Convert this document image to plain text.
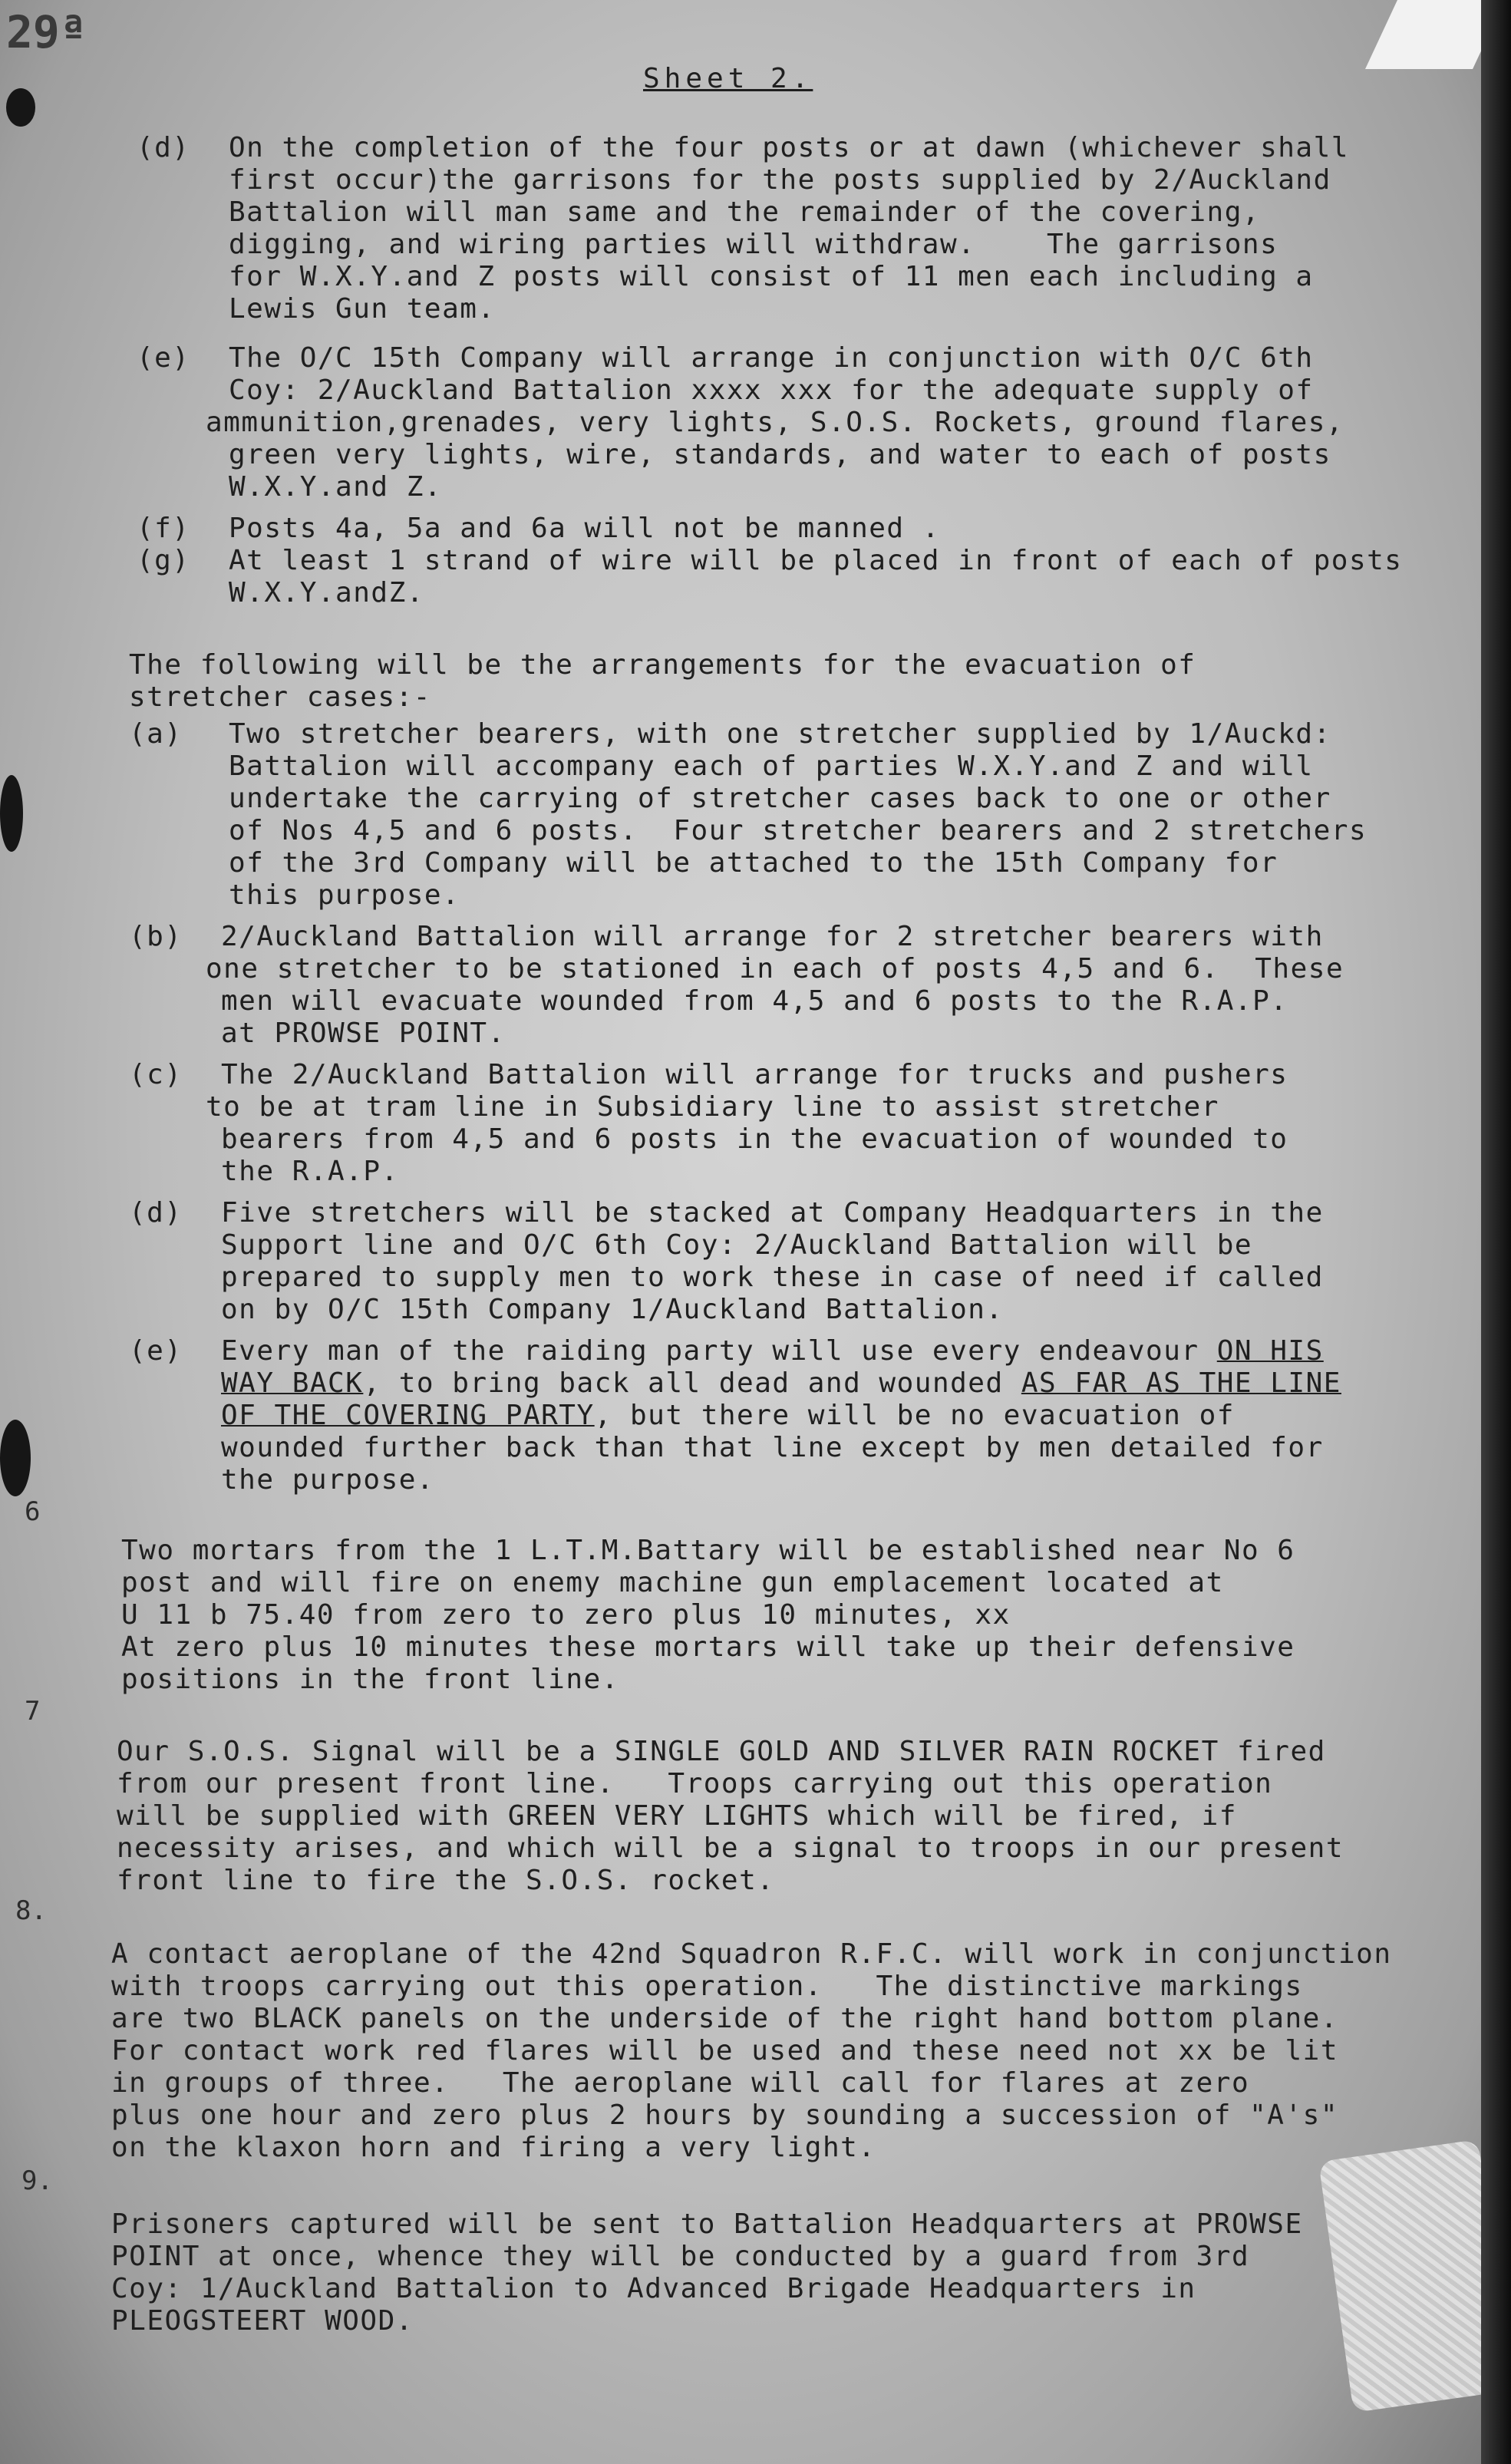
29ª
Sheet 2.
(d) On the completion of the four posts or at dawn (whichever shall
first occur)the garrisons for the posts supplied by 2/Auckland
Battalion will man same and the remainder of the covering,
digging, and wiring parties will withdraw.    The garrisons
for W.X.Y.and Z posts will consist of 11 men each including a
Lewis Gun team.
(e) The O/C 15th Company will arrange in conjunction with O/C 6th
Coy: 2/Auckland Battalion xxxx xxx for the adequate supply of
ammunition,grenades, very lights, S.O.S. Rockets, ground flares,
green very lights, wire, standards, and water to each of posts
W.X.Y.and Z.
(f) Posts 4a, 5a and 6a will not be manned .
(g) At least 1 strand of wire will be placed in front of each of posts
W.X.Y.andZ.
The following will be the arrangements for the evacuation of
stretcher cases:-
(a) Two stretcher bearers, with one stretcher supplied by 1/Auckd:
Battalion will accompany each of parties W.X.Y.and Z and will
undertake the carrying of stretcher cases back to one or other
of Nos 4,5 and 6 posts.  Four stretcher bearers and 2 stretchers
of the 3rd Company will be attached to the 15th Company for
this purpose.
(b) 2/Auckland Battalion will arrange for 2 stretcher bearers with
one stretcher to be stationed in each of posts 4,5 and 6.  These
men will evacuate wounded from 4,5 and 6 posts to the R.A.P.
at PROWSE POINT.
(c) The 2/Auckland Battalion will arrange for trucks and pushers
to be at tram line in Subsidiary line to assist stretcher
bearers from 4,5 and 6 posts in the evacuation of wounded to
the R.A.P.
(d) Five stretchers will be stacked at Company Headquarters in the
Support line and O/C 6th Coy: 2/Auckland Battalion will be
prepared to supply men to work these in case of need if called
on by O/C 15th Company 1/Auckland Battalion.
(e) Every man of the raiding party will use every endeavour ON HIS
WAY BACK, to bring back all dead and wounded AS FAR AS THE LINE
OF THE COVERING PARTY, but there will be no evacuation of
wounded further back than that line except by men detailed for
the purpose.
6
Two mortars from the 1 L.T.M.Battary will be established near No 6
post and will fire on enemy machine gun emplacement located at
U 11 b 75.40 from zero to zero plus 10 minutes, xx
At zero plus 10 minutes these mortars will take up their defensive
positions in the front line.
7
Our S.O.S. Signal will be a SINGLE GOLD AND SILVER RAIN ROCKET fired
from our present front line.   Troops carrying out this operation
will be supplied with GREEN VERY LIGHTS which will be fired, if
necessity arises, and which will be a signal to troops in our present
front line to fire the S.O.S. rocket.
8.
A contact aeroplane of the 42nd Squadron R.F.C. will work in conjunction
with troops carrying out this operation.   The distinctive markings
are two BLACK panels on the underside of the right hand bottom plane.
For contact work red flares will be used and these need not xx be lit
in groups of three.   The aeroplane will call for flares at zero
plus one hour and zero plus 2 hours by sounding a succession of "A's"
on the klaxon horn and firing a very light.
9.
Prisoners captured will be sent to Battalion Headquarters at PROWSE
POINT at once, whence they will be conducted by a guard from 3rd
Coy: 1/Auckland Battalion to Advanced Brigade Headquarters in
PLEOGSTEERT WOOD.
